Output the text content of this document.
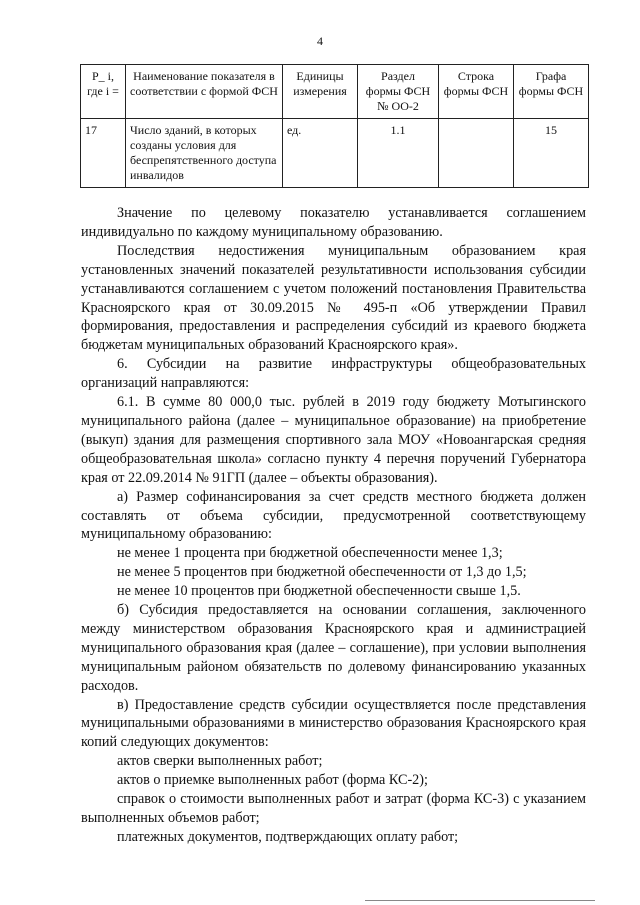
4
P_ i, где i =	Наименование показателя в соответствии с формой ФСН	Единицы измерения	Раздел формы ФСН № ОО-2	Строка формы ФСН	Графа формы ФСН
17	Число зданий, в которых созданы условия для беспрепятственного доступа инвалидов	ед.	1.1		15

Значение по целевому показателю устанавливается соглашением индивидуально по каждому муниципальному образованию.

Последствия недостижения муниципальным образованием края установленных значений показателей результативности использования субсидии устанавливаются соглашением с учетом положений постановления Правительства Красноярского края от 30.09.2015 № 495-п «Об утверждении Правил формирования, предоставления и распределения субсидий из краевого бюджета бюджетам муниципальных образований Красноярского края».

6. Субсидии на развитие инфраструктуры общеобразовательных организаций направляются:

6.1. В сумме 80 000,0 тыс. рублей в 2019 году бюджету Мотыгинского муниципального района (далее – муниципальное образование) на приобретение (выкуп) здания для размещения спортивного зала МОУ «Новоангарская средняя общеобразовательная школа» согласно пункту 4 перечня поручений Губернатора края от 22.09.2014 № 91ГП (далее – объекты образования).

а) Размер софинансирования за счет средств местного бюджета должен составлять от объема субсидии, предусмотренной соответствующему муниципальному образованию:

не менее 1 процента при бюджетной обеспеченности менее 1,3;

не менее 5 процентов при бюджетной обеспеченности от 1,3 до 1,5;

не менее 10 процентов при бюджетной обеспеченности свыше 1,5.

б) Субсидия предоставляется на основании соглашения, заключенного между министерством образования Красноярского края и администрацией муниципального образования края (далее – соглашение), при условии выполнения муниципальным районом обязательств по долевому финансированию указанных расходов.

в) Предоставление средств субсидии осуществляется после представления муниципальными образованиями в министерство образования Красноярского края копий следующих документов:

актов сверки выполненных работ;

актов о приемке выполненных работ (форма КС-2);

справок о стоимости выполненных работ и затрат (форма КС-3) с указанием выполненных объемов работ;

платежных документов, подтверждающих оплату работ;
